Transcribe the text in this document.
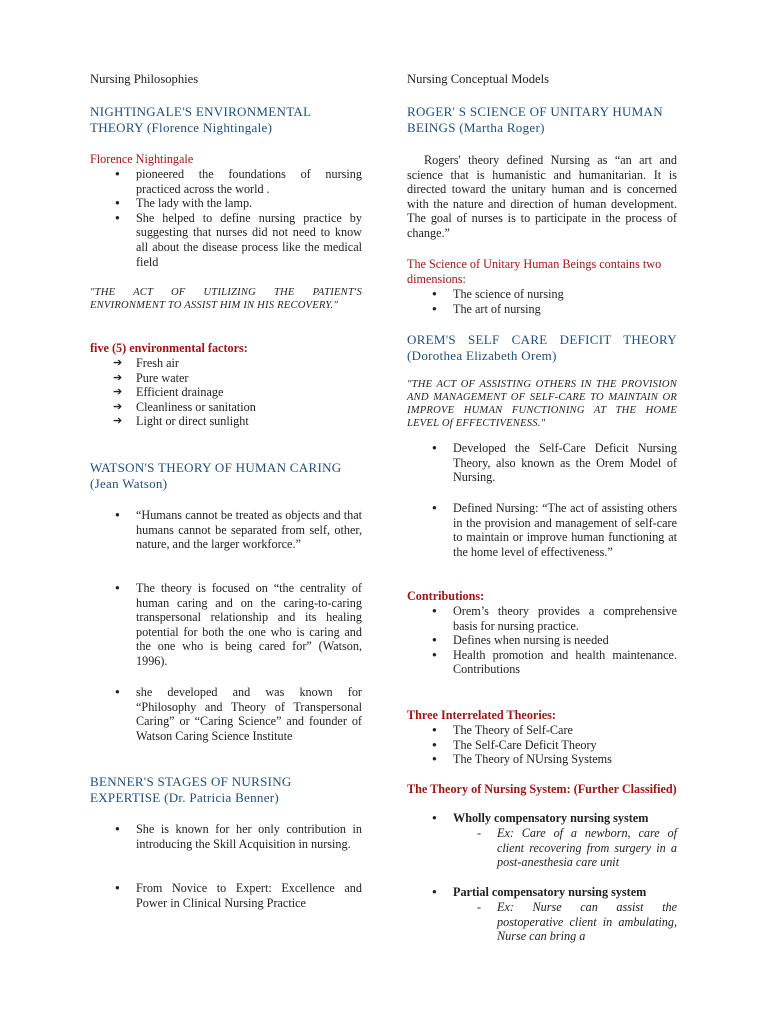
Nursing Philosophies
NIGHTINGALE'S ENVIRONMENTAL THEORY (Florence Nightingale)
Florence Nightingale
● pioneered the foundations of nursing practiced across the world .
● The lady with the lamp.
● She helped to define nursing practice by suggesting that nurses did not need to know all about the disease process like the medical field

"THE ACT OF UTILIZING THE PATIENT'S ENVIRONMENT TO ASSIST HIM IN HIS RECOVERY."

five (5) environmental factors:
➔ Fresh air
➔ Pure water
➔ Efficient drainage
➔ Cleanliness or sanitation
➔ Light or direct sunlight
WATSON'S THEORY OF HUMAN CARING (Jean Watson)
● “Humans cannot be treated as objects and that humans cannot be separated from self, other, nature, and the larger workforce.”
● The theory is focused on “the centrality of human caring and on the caring-to-caring transpersonal relationship and its healing potential for both the one who is caring and the one who is being cared for” (Watson, 1996).
● she developed and was known for “Philosophy and Theory of Transpersonal Caring” or “Caring Science” and founder of Watson Caring Science Institute
BENNER'S STAGES OF NURSING EXPERTISE (Dr. Patricia Benner)
● She is known for her only contribution in introducing the Skill Acquisition in nursing.
● From Novice to Expert: Excellence and Power in Clinical Nursing Practice
Nursing Conceptual Models
ROGER' S SCIENCE OF UNITARY HUMAN BEINGS (Martha Roger)

Rogers' theory defined Nursing as “an art and science that is humanistic and humanitarian. It is directed toward the unitary human and is concerned with the nature and direction of human development. The goal of nurses is to participate in the process of change.”

The Science of Unitary Human Beings contains two dimensions:
● The science of nursing
● The art of nursing
OREM'S SELF CARE DEFICIT THEORY (Dorothea Elizabeth Orem)

"THE ACT OF ASSISTING OTHERS IN THE PROVISION AND MANAGEMENT OF SELF-CARE TO MAINTAIN OR IMPROVE HUMAN FUNCTIONING AT THE HOME LEVEL Of EFFECTIVENESS."

● Developed the Self-Care Deficit Nursing Theory, also known as the Orem Model of Nursing.
● Defined Nursing: “The act of assisting others in the provision and management of self-care to maintain or improve human functioning at the home level of effectiveness.”
Contributions:
● Orem’s theory provides a comprehensive basis for nursing practice.
● Defines when nursing is needed
● Health promotion and health maintenance. Contributions
Three Interrelated Theories:
● The Theory of Self-Care
● The Self-Care Deficit Theory
● The Theory of NUrsing Systems
The Theory of Nursing System: (Further Classified)
● Wholly compensatory nursing system
- Ex: Care of a newborn, care of client recovering from surgery in a post-anesthesia care unit
● Partial compensatory nursing system
- Ex: Nurse can assist the postoperative client in ambulating, Nurse can bring a
